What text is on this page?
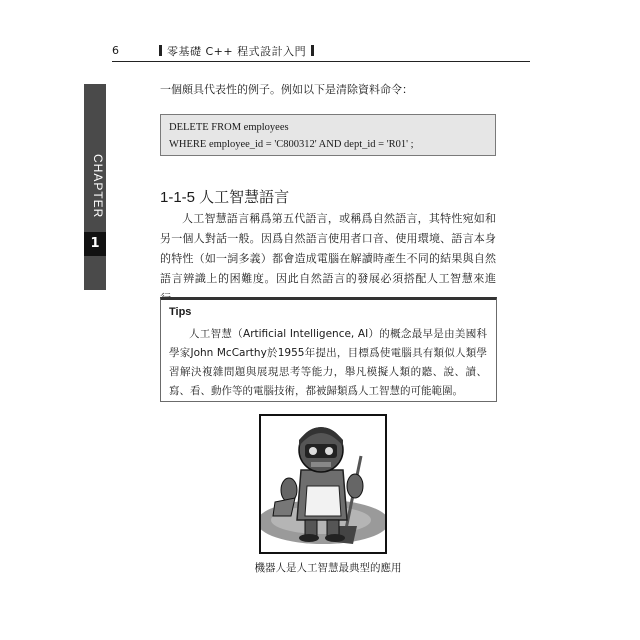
6	零基礎 C++ 程式設計入門
CHAPTER
1
一個頗具代表性的例子。例如以下是清除資料命令：
DELETE FROM employees
WHERE employee_id = 'C800312' AND dept_id = 'R01' ;
1-1-5 人工智慧語言

人工智慧語言稱爲第五代語言，或稱爲自然語言，其特性宛如和另一個人對話一般。因爲自然語言使用者口音、使用環境、語言本身的特性（如一詞多義）都會造成電腦在解讀時產生不同的結果與自然語言辨識上的困難度。因此自然語言的發展必須搭配人工智慧來進

Tips

人工智慧（Artificial Intelligence, AI）的概念最早是由美國科學家John McCarthy於1955年提出，目標爲使電腦具有類似人類學習解決複雜問題與展現思考等能力，舉凡模擬人類的聽、說、讀、寫、看、動作等的電腦技術，都被歸類爲人工智慧的可能範圍。

機器人是人工智慧最典型的應用
